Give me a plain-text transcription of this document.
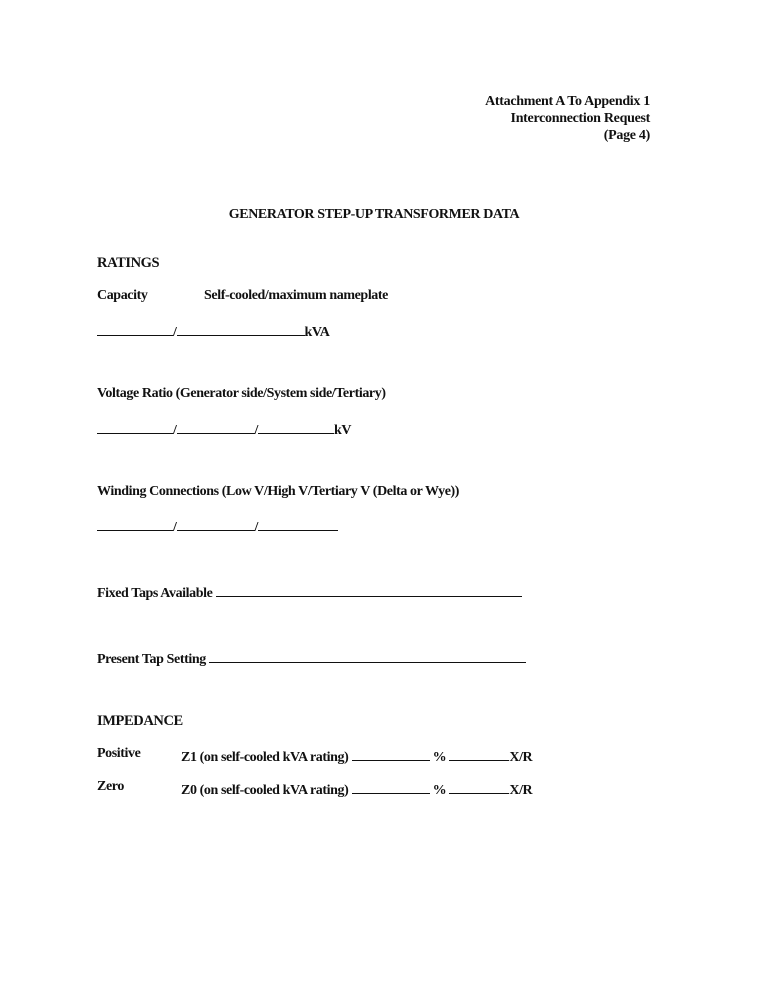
Attachment A To Appendix 1
Interconnection Request
(Page 4)
GENERATOR STEP-UP TRANSFORMER DATA
RATINGS
Capacity	Self-cooled/maximum nameplate
/	kVA
Voltage Ratio (Generator side/System side/Tertiary)
/	/	kV
Winding Connections (Low V/High V/Tertiary V (Delta or Wye))
/	/
Fixed Taps Available
Present Tap Setting
IMPEDANCE
Positive	Z1 (on self-cooled kVA rating)	%	X/R
Zero	Z0 (on self-cooled kVA rating)	%	X/R
